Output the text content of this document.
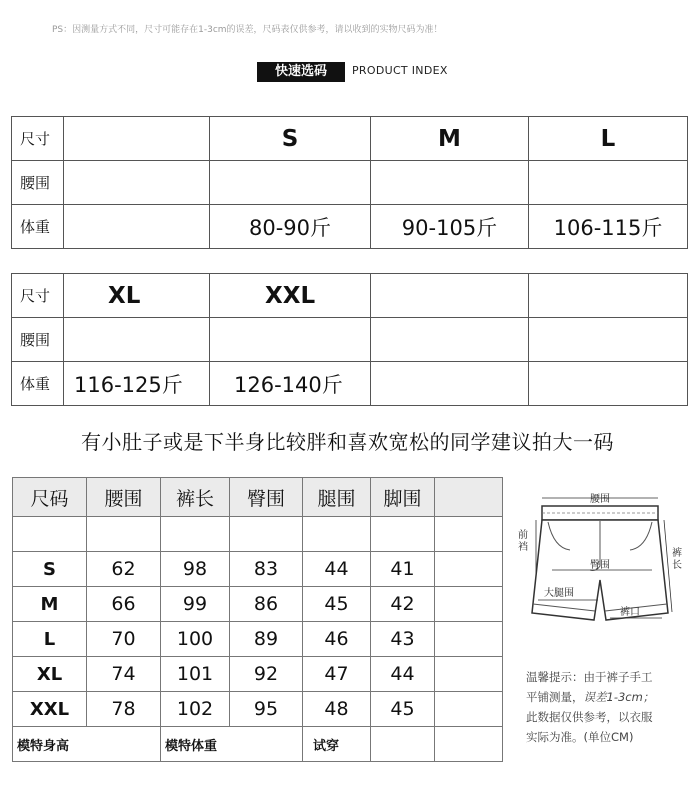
PS：因测量方式不同，尺寸可能存在1-3cm的误差，尺码表仅供参考，请以收到的实物尺码为准！
快速选码	PRODUCT INDEX
尺寸		S	M	L
腰围				
体重		80-90斤	90-105斤	106-115斤
尺寸	XL	XXL		
腰围				
体重	116-125斤	126-140斤		
有小肚子或是下半身比较胖和喜欢宽松的同学建议拍大一码
尺码	腰围	裤长	臀围	腿围	脚围	

S	62	98	83	44	41	
M	66	99	86	45	42	
L	70	100	89	46	43	
XL	74	101	92	47	44	
XXL	78	102	95	48	45	
模特身高		模特体重		试穿		
腰围
前
裆
裤
长
臀围
大腿围
裤口
温馨提示：由于裤子手工
平铺测量，误差1-3cm；
此数据仅供参考，以衣服
实际为准。(单位CM)
